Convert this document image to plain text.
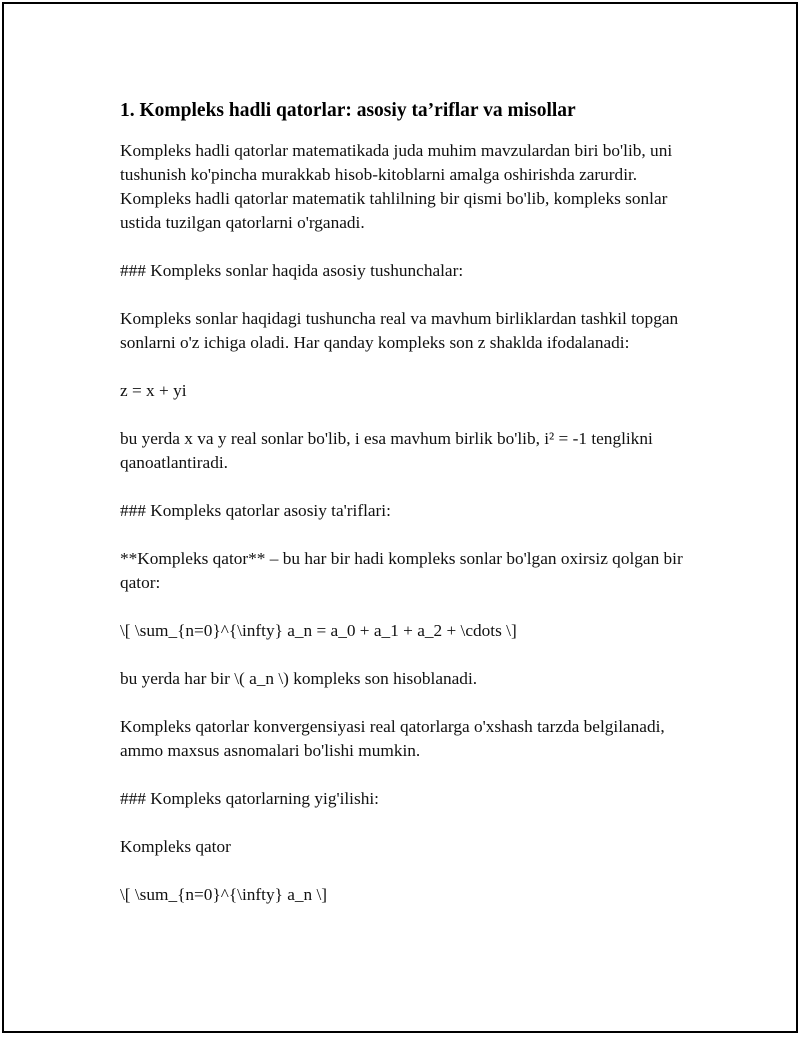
1. Kompleks hadli qatorlar: asosiy ta’riflar va misollar

Kompleks hadli qatorlar matematikada juda muhim mavzulardan biri bo'lib, uni tushunish ko'pincha murakkab hisob-kitoblarni amalga oshirishda zarurdir. Kompleks hadli qatorlar matematik tahlilning bir qismi bo'lib, kompleks sonlar ustida tuzilgan qatorlarni o'rganadi.

### Kompleks sonlar haqida asosiy tushunchalar:

Kompleks sonlar haqidagi tushuncha real va mavhum birliklardan tashkil topgan sonlarni o'z ichiga oladi. Har qanday kompleks son z shaklda ifodalanadi:

z = x + yi

bu yerda x va y real sonlar bo'lib, i esa mavhum birlik bo'lib, i² = -1 tenglikni qanoatlantiradi.

### Kompleks qatorlar asosiy ta'riflari:

**Kompleks qator** – bu har bir hadi kompleks sonlar bo'lgan oxirsiz qolgan bir qator:

\[ \sum_{n=0}^{\infty} a_n = a_0 + a_1 + a_2 + \cdots \]

bu yerda har bir \( a_n \) kompleks son hisoblanadi.

Kompleks qatorlar konvergensiyasi real qatorlarga o'xshash tarzda belgilanadi, ammo maxsus asnomalari bo'lishi mumkin.

### Kompleks qatorlarning yig'ilishi:

Kompleks qator

\[ \sum_{n=0}^{\infty} a_n \]
